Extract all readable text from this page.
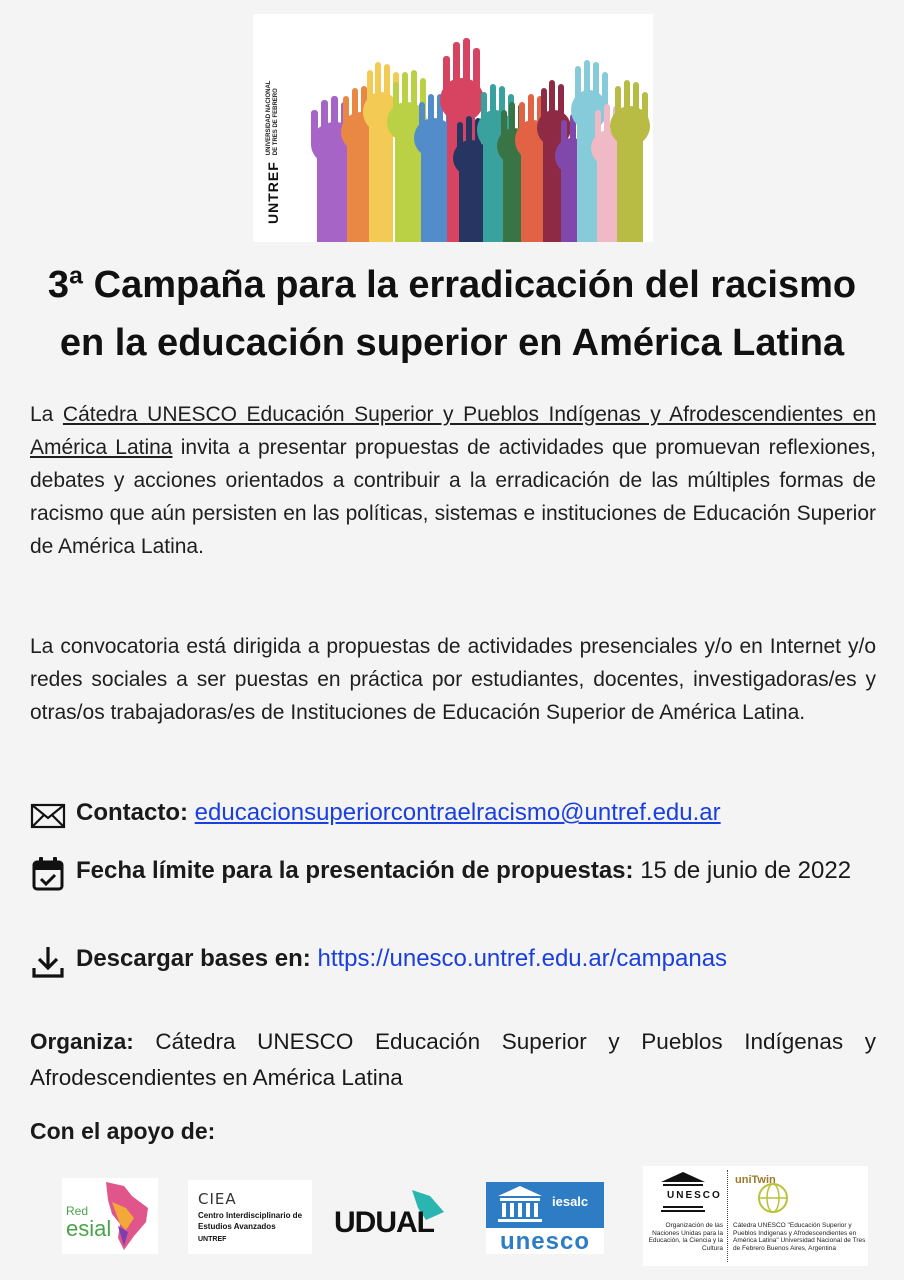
UNTREF
UNIVERSIDAD NACIONAL DE TRES DE FEBRERO
3ª Campaña para la erradicación del racismo
en la educación superior en América Latina
La Cátedra UNESCO Educación Superior y Pueblos Indígenas y Afrodescendientes en América Latina invita a presentar propuestas de actividades que promuevan reflexiones, debates y acciones orientados a contribuir a la erradicación de las múltiples formas de racismo que aún persisten en las políticas, sistemas e instituciones de Educación Superior de América Latina.
La convocatoria está dirigida a propuestas de actividades presenciales y/o en Internet y/o redes sociales a ser puestas en práctica por estudiantes, docentes, investigadoras/es y otras/os trabajadoras/es de Instituciones de Educación Superior de América Latina.
Contacto: educacionsuperiorcontraelracismo@untref.edu.ar
Fecha límite para la presentación de propuestas: 15 de junio de 2022
Descargar bases en: https://unesco.untref.edu.ar/campanas
Organiza: Cátedra UNESCO Educación Superior y Pueblos Indígenas y Afrodescendientes en América Latina
Con el apoyo de:
Red
esial
CIEA
Centro Interdisciplinario de Estudios Avanzados
UNTREF
UDUAL
iesalc
unesco
UNESCO
uniTwin
Organización de las Naciones Unidas para la Educación, la Ciencia y la Cultura
Cátedra UNESCO "Educación Superior y Pueblos Indígenas y Afrodescendientes en América Latina" Universidad Nacional de Tres de Febrero Buenos Aires, Argentina
